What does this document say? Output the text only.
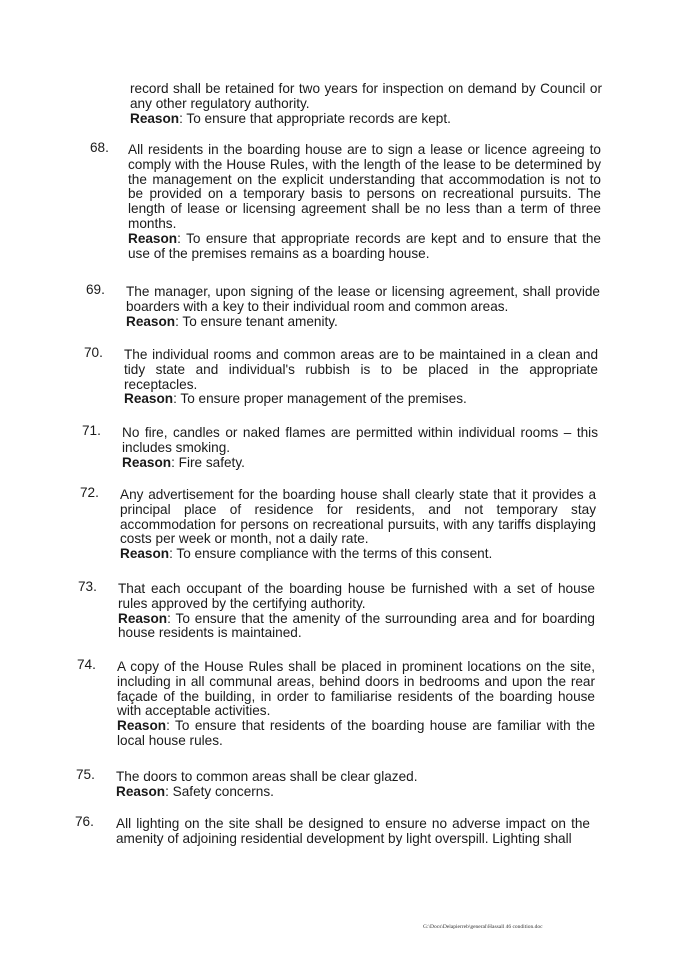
record shall be retained for two years for inspection on demand by Council or any other regulatory authority.
Reason: To ensure that appropriate records are kept.
68. All residents in the boarding house are to sign a lease or licence agreeing to comply with the House Rules, with the length of the lease to be determined by the management on the explicit understanding that accommodation is not to be provided on a temporary basis to persons on recreational pursuits. The length of lease or licensing agreement shall be no less than a term of three months.
Reason: To ensure that appropriate records are kept and to ensure that the use of the premises remains as a boarding house.
69. The manager, upon signing of the lease or licensing agreement, shall provide boarders with a key to their individual room and common areas.
Reason: To ensure tenant amenity.
70. The individual rooms and common areas are to be maintained in a clean and tidy state and individual's rubbish is to be placed in the appropriate receptacles.
Reason: To ensure proper management of the premises.
71. No fire, candles or naked flames are permitted within individual rooms – this includes smoking.
Reason: Fire safety.
72. Any advertisement for the boarding house shall clearly state that it provides a principal place of residence for residents, and not temporary stay accommodation for persons on recreational pursuits, with any tariffs displaying costs per week or month, not a daily rate.
Reason: To ensure compliance with the terms of this consent.
73. That each occupant of the boarding house be furnished with a set of house rules approved by the certifying authority.
Reason: To ensure that the amenity of the surrounding area and for boarding house residents is maintained.
74. A copy of the House Rules shall be placed in prominent locations on the site, including in all communal areas, behind doors in bedrooms and upon the rear façade of the building, in order to familiarise residents of the boarding house with acceptable activities.
Reason: To ensure that residents of the boarding house are familiar with the local house rules.
75. The doors to common areas shall be clear glazed.
Reason: Safety concerns.
76. All lighting on the site shall be designed to ensure no adverse impact on the amenity of adjoining residential development by light overspill. Lighting shall
G:\Docs\Delapierreb\general\Hassall 46 condition.doc
